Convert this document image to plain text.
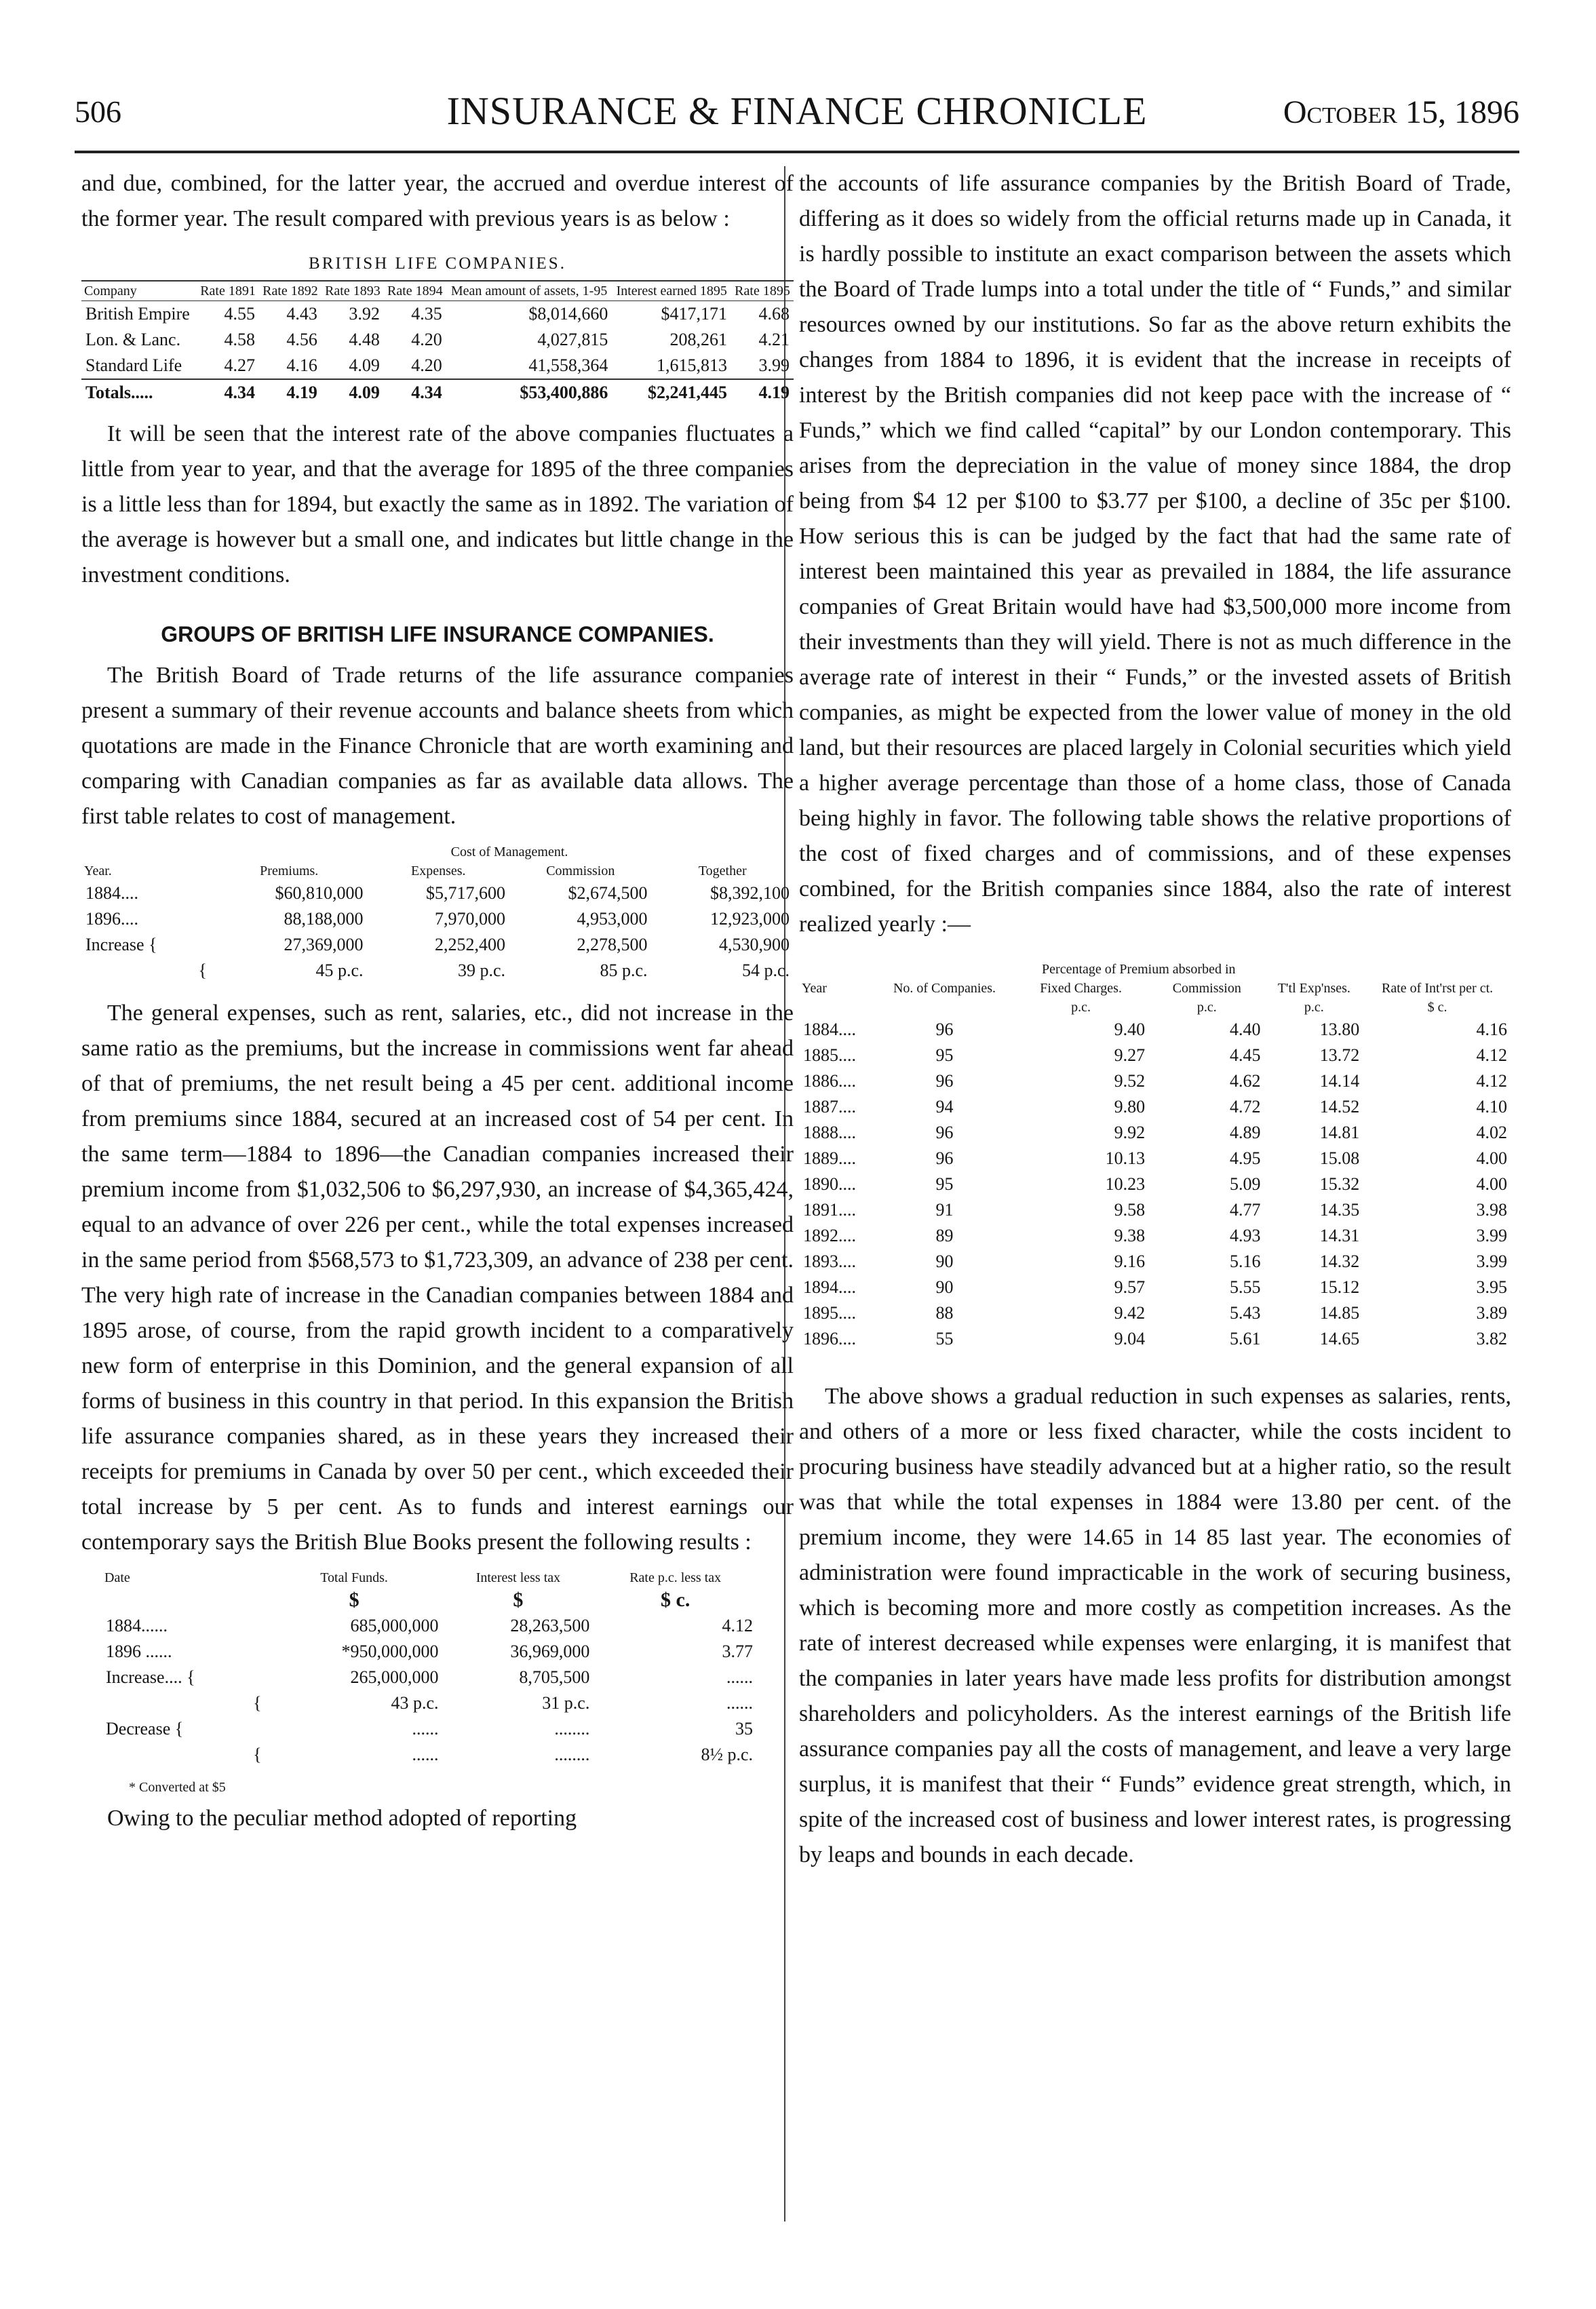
506	INSURANCE & FINANCE CHRONICLE	October 15, 1896

and due, combined, for the latter year, the accrued and overdue interest of the former year. The result compared with previous years is as below :

BRITISH LIFE COMPANIES.
Company	Rate 1891	Rate 1892	Rate 1893	Rate 1894	Mean amount of assets, 1-95	Interest earned 1895	Rate 1895
British Empire	4.55	4.43	3.92	4.35	$8,014,660	$417,171	4.68
Lon. & Lanc.	4.58	4.56	4.48	4.20	4,027,815	208,261	4.21
Standard Life	4.27	4.16	4.09	4.20	41,558,364	1,615,813	3.99
Totals.....	4.34	4.19	4.09	4.34	$53,400,886	$2,241,445	4.19

It will be seen that the interest rate of the above companies fluctuates a little from year to year, and that the average for 1895 of the three companies is a little less than for 1894, but exactly the same as in 1892. The variation of the average is however but a small one, and indicates but little change in the investment conditions.

GROUPS OF BRITISH LIFE INSURANCE COMPANIES.

The British Board of Trade returns of the life assurance companies present a summary of their revenue accounts and balance sheets from which quotations are made in the Finance Chronicle that are worth examining and comparing with Canadian companies as far as available data allows. The first table relates to cost of management.

		Cost of Management.		
Year.	Premiums.	Expenses.	Commission	Together
1884....	$60,810,000	$5,717,600	$2,674,500	$8,392,100
1896....	88,188,000	7,970,000	4,953,000	12,923,000
Increase {	27,369,000	2,252,400	2,278,500	4,530,900
{	45 p.c.	39 p.c.	85 p.c.	54 p.c.

The general expenses, such as rent, salaries, etc., did not increase in the same ratio as the premiums, but the increase in commissions went far ahead of that of premiums, the net result being a 45 per cent. additional income from premiums since 1884, secured at an increased cost of 54 per cent. In the same term—1884 to 1896—the Canadian companies increased their premium income from $1,032,506 to $6,297,930, an increase of $4,365,424, equal to an advance of over 226 per cent., while the total expenses increased in the same period from $568,573 to $1,723,309, an advance of 238 per cent. The very high rate of increase in the Canadian companies between 1884 and 1895 arose, of course, from the rapid growth incident to a comparatively new form of enterprise in this Dominion, and the general expansion of all forms of business in this country in that period. In this expansion the British life assurance companies shared, as in these years they increased their receipts for premiums in Canada by over 50 per cent., which exceeded their total increase by 5 per cent. As to funds and interest earnings our contemporary says the British Blue Books present the following results :

Date	Total Funds.	Interest less tax	Rate p.c. less tax
	$	$	$ c.
1884......	685,000,000	28,263,500	4.12
1896 ......	*950,000,000	36,969,000	3.77
Increase.... {	265,000,000	8,705,500	......
{	43 p.c.	31 p.c.	......
Decrease {	......	........	35
{	......	........	8½ p.c.
* Converted at $5

Owing to the peculiar method adopted of reporting

the accounts of life assurance companies by the British Board of Trade, differing as it does so widely from the official returns made up in Canada, it is hardly possible to institute an exact comparison between the assets which the Board of Trade lumps into a total under the title of “ Funds,” and similar resources owned by our institutions. So far as the above return exhibits the changes from 1884 to 1896, it is evident that the increase in receipts of interest by the British companies did not keep pace with the increase of “ Funds,” which we find called “capital” by our London contemporary. This arises from the depreciation in the value of money since 1884, the drop being from $4 12 per $100 to $3.77 per $100, a decline of 35c per $100. How serious this is can be judged by the fact that had the same rate of interest been maintained this year as prevailed in 1884, the life assurance companies of Great Britain would have had $3,500,000 more income from their investments than they will yield. There is not as much difference in the average rate of interest in their “ Funds,” or the invested assets of British companies, as might be expected from the lower value of money in the old land, but their resources are placed largely in Colonial securities which yield a higher average percentage than those of a home class, those of Canada being highly in favor. The following table shows the relative proportions of the cost of fixed charges and of commissions, and of these expenses combined, for the British companies since 1884, also the rate of interest realized yearly :—

		Percentage of Premium absorbed in			
Year	No. of Companies.	Fixed Charges.	Commission	T'tl Exp'nses.	Rate of Int'rst per ct.
		p.c.	p.c.	p.c.	$ c.
1884....	96	9.40	4.40	13.80	4.16
1885....	95	9.27	4.45	13.72	4.12
1886....	96	9.52	4.62	14.14	4.12
1887....	94	9.80	4.72	14.52	4.10
1888....	96	9.92	4.89	14.81	4.02
1889....	96	10.13	4.95	15.08	4.00
1890....	95	10.23	5.09	15.32	4.00
1891....	91	9.58	4.77	14.35	3.98
1892....	89	9.38	4.93	14.31	3.99
1893....	90	9.16	5.16	14.32	3.99
1894....	90	9.57	5.55	15.12	3.95
1895....	88	9.42	5.43	14.85	3.89
1896....	55	9.04	5.61	14.65	3.82

The above shows a gradual reduction in such expenses as salaries, rents, and others of a more or less fixed character, while the costs incident to procuring business have steadily advanced but at a higher ratio, so the result was that while the total expenses in 1884 were 13.80 per cent. of the premium income, they were 14.65 in 14 85 last year. The economies of administration were found impracticable in the work of securing business, which is becoming more and more costly as competition increases. As the rate of interest decreased while expenses were enlarging, it is manifest that the companies in later years have made less profits for distribution amongst shareholders and policyholders. As the interest earnings of the British life assurance companies pay all the costs of management, and leave a very large surplus, it is manifest that their “ Funds” evidence great strength, which, in spite of the increased cost of business and lower interest rates, is progressing by leaps and bounds in each decade.
